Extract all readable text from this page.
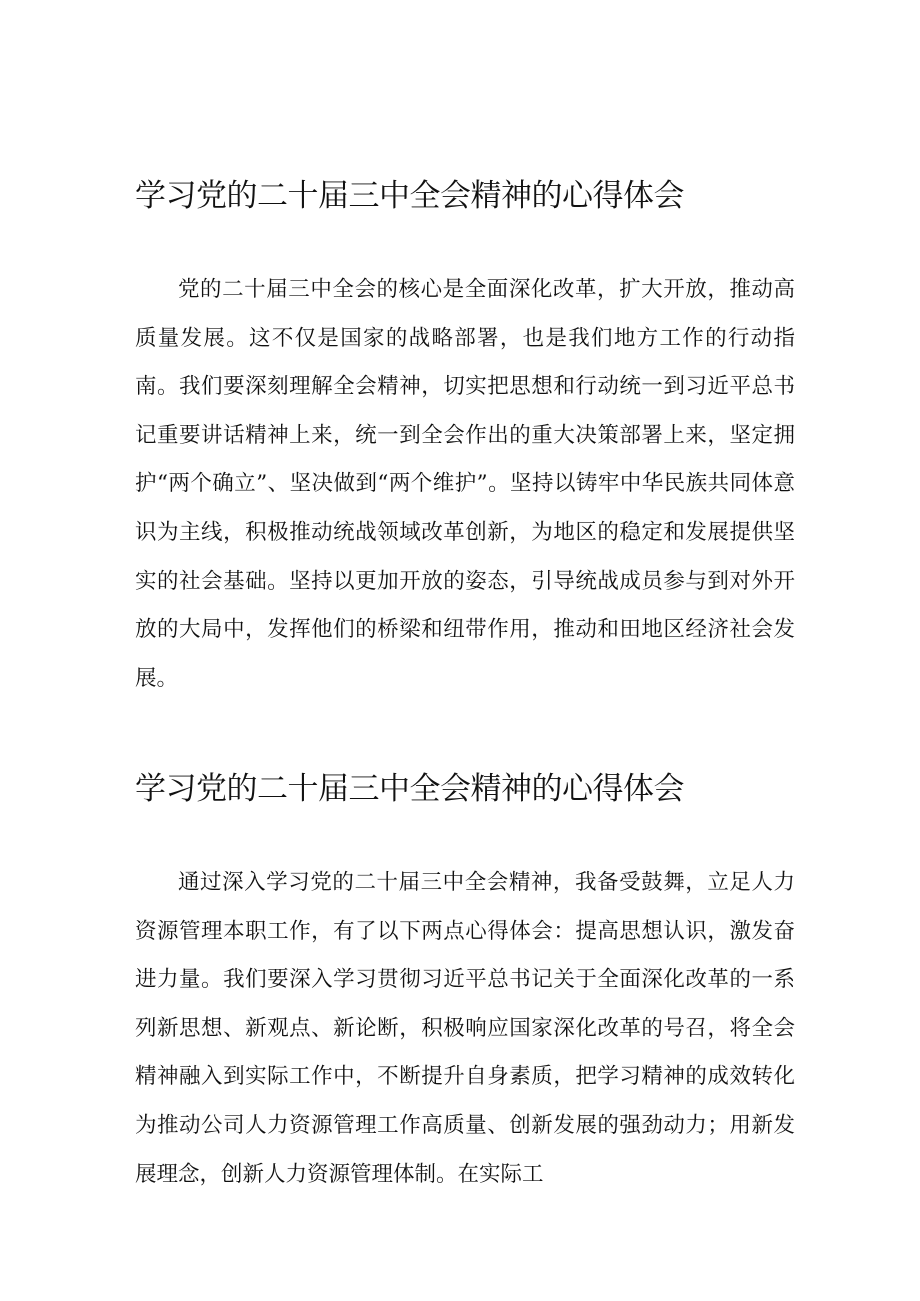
学习党的二十届三中全会精神的心得体会

党的二十届三中全会的核心是全面深化改革，扩大开放，推动高质量发展。这不仅是国家的战略部署，也是我们地方工作的行动指南。我们要深刻理解全会精神，切实把思想和行动统一到习近平总书记重要讲话精神上来，统一到全会作出的重大决策部署上来，坚定拥护“两个确立”、坚决做到“两个维护”。坚持以铸牢中华民族共同体意识为主线，积极推动统战领域改革创新，为地区的稳定和发展提供坚实的社会基础。坚持以更加开放的姿态，引导统战成员参与到对外开放的大局中，发挥他们的桥梁和纽带作用，推动和田地区经济社会发展。

学习党的二十届三中全会精神的心得体会

通过深入学习党的二十届三中全会精神，我备受鼓舞，立足人力资源管理本职工作，有了以下两点心得体会：提高思想认识，激发奋进力量。我们要深入学习贯彻习近平总书记关于全面深化改革的一系列新思想、新观点、新论断，积极响应国家深化改革的号召，将全会精神融入到实际工作中，不断提升自身素质，把学习精神的成效转化为推动公司人力资源管理工作高质量、创新发展的强劲动力；用新发展理念，创新人力资源管理体制。在实际工
